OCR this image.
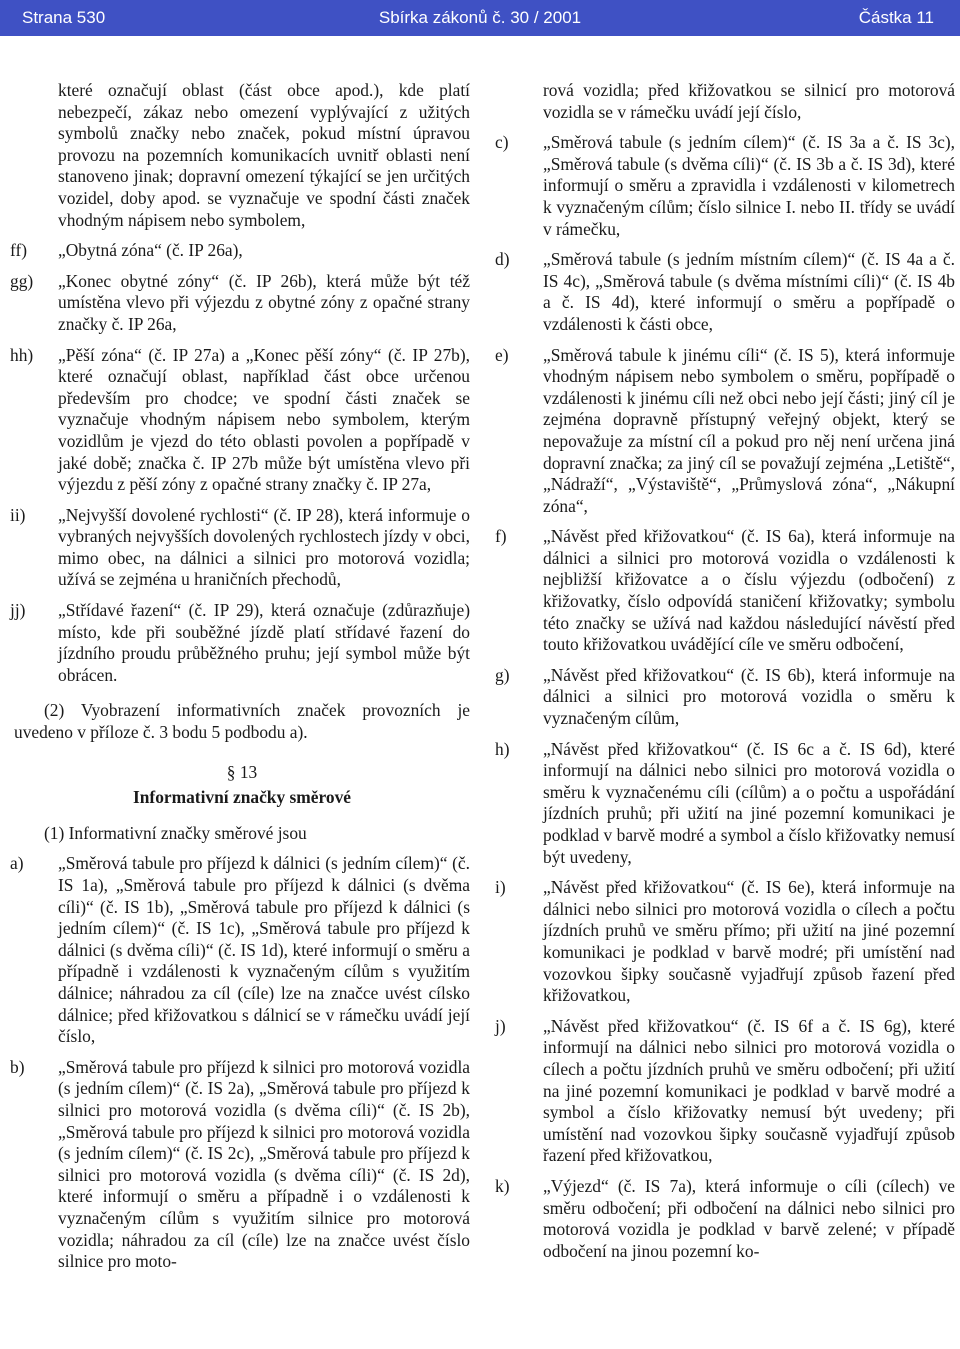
Strana 530	Sbírka zákonů č. 30 / 2001	Částka 11

které označují oblast (část obce apod.), kde platí nebezpečí, zákaz nebo omezení vyplývající z užitých symbolů značky nebo značek, pokud místní úpravou provozu na pozemních komunikacích uvnitř oblasti není stanoveno jinak; dopravní omezení týkající se jen určitých vozidel, doby apod. se vyznačuje ve spodní části značek vhodným nápisem nebo symbolem,

ff)	„Obytná zóna“ (č. IP 26a),
gg)	„Konec obytné zóny“ (č. IP 26b), která může být též umístěna vlevo při výjezdu z obytné zóny z opačné strany značky č. IP 26a,
hh)	„Pěší zóna“ (č. IP 27a) a „Konec pěší zóny“ (č. IP 27b), které označují oblast, například část obce určenou především pro chodce; ve spodní části značek se vyznačuje vhodným nápisem nebo symbolem, kterým vozidlům je vjezd do této oblasti povolen a popřípadě v jaké době; značka č. IP 27b může být umístěna vlevo při výjezdu z pěší zóny z opačné strany značky č. IP 27a,
ii)	„Nejvyšší dovolené rychlosti“ (č. IP 28), která informuje o vybraných nejvyšších dovolených rychlostech jízdy v obci, mimo obec, na dálnici a silnici pro motorová vozidla; užívá se zejména u hraničních přechodů,
jj)	„Střídavé řazení“ (č. IP 29), která označuje (zdůrazňuje) místo, kde při souběžné jízdě platí střídavé řazení do jízdního proudu průběžného pruhu; její symbol může být obrácen.

(2) Vyobrazení informativních značek provozních je uvedeno v příloze č. 3 bodu 5 podbodu a).

§ 13

Informativní značky směrové

(1) Informativní značky směrové jsou

a)	„Směrová tabule pro příjezd k dálnici (s jedním cílem)“ (č. IS 1a), „Směrová tabule pro příjezd k dálnici (s dvěma cíli)“ (č. IS 1b), „Směrová tabule pro příjezd k dálnici (s jedním cílem)“ (č. IS 1c), „Směrová tabule pro příjezd k dálnici (s dvěma cíli)“ (č. IS 1d), které informují o směru a případně i vzdálenosti k vyznačeným cílům s využitím dálnice; náhradou za cíl (cíle) lze na značce uvést cílsko dálnice; před křižovatkou s dálnicí se v rámečku uvádí její číslo,
b)	„Směrová tabule pro příjezd k silnici pro motorová vozidla (s jedním cílem)“ (č. IS 2a), „Směrová tabule pro příjezd k silnici pro motorová vozidla (s dvěma cíli)“ (č. IS 2b), „Směrová tabule pro příjezd k silnici pro motorová vozidla (s jedním cílem)“ (č. IS 2c), „Směrová tabule pro příjezd k silnici pro motorová vozidla (s dvěma cíli)“ (č. IS 2d), které informují o směru a případně i o vzdálenosti k vyznačeným cílům s využitím silnice pro motorová vozidla; náhradou za cíl (cíle) lze na značce uvést číslo silnice pro moto-

rová vozidla; před křižovatkou se silnicí pro motorová vozidla se v rámečku uvádí její číslo,

c)	„Směrová tabule (s jedním cílem)“ (č. IS 3a a č. IS 3c), „Směrová tabule (s dvěma cíli)“ (č. IS 3b a č. IS 3d), které informují o směru a zpravidla i vzdálenosti v kilometrech k vyznačeným cílům; číslo silnice I. nebo II. třídy se uvádí v rámečku,
d)	„Směrová tabule (s jedním místním cílem)“ (č. IS 4a a č. IS 4c), „Směrová tabule (s dvěma místními cíli)“ (č. IS 4b a č. IS 4d), které informují o směru a popřípadě o vzdálenosti k části obce,
e)	„Směrová tabule k jinému cíli“ (č. IS 5), která informuje vhodným nápisem nebo symbolem o směru, popřípadě o vzdálenosti k jinému cíli než obci nebo její části; jiný cíl je zejména dopravně přístupný veřejný objekt, který se nepovažuje za místní cíl a pokud pro něj není určena jiná dopravní značka; za jiný cíl se považují zejména „Letiště“, „Nádraží“, „Výstaviště“, „Průmyslová zóna“, „Nákupní zóna“,
f)	„Návěst před křižovatkou“ (č. IS 6a), která informuje na dálnici a silnici pro motorová vozidla o vzdálenosti k nejbližší křižovatce a o číslu výjezdu (odbočení) z křižovatky, číslo odpovídá staničení křižovatky; symbolu této značky se užívá nad každou následující návěstí před touto křižovatkou uvádějící cíle ve směru odbočení,
g)	„Návěst před křižovatkou“ (č. IS 6b), která informuje na dálnici a silnici pro motorová vozidla o směru k vyznačeným cílům,
h)	„Návěst před křižovatkou“ (č. IS 6c a č. IS 6d), které informují na dálnici nebo silnici pro motorová vozidla o směru k vyznačenému cíli (cílům) a o počtu a uspořádání jízdních pruhů; při užití na jiné pozemní komunikaci je podklad v barvě modré a symbol a číslo křižovatky nemusí být uvedeny,
i)	„Návěst před křižovatkou“ (č. IS 6e), která informuje na dálnici nebo silnici pro motorová vozidla o cílech a počtu jízdních pruhů ve směru přímo; při užití na jiné pozemní komunikaci je podklad v barvě modré; při umístění nad vozovkou šipky současně vyjadřují způsob řazení před křižovatkou,
j)	„Návěst před křižovatkou“ (č. IS 6f a č. IS 6g), které informují na dálnici nebo silnici pro motorová vozidla o cílech a počtu jízdních pruhů ve směru odbočení; při užití na jiné pozemní komunikaci je podklad v barvě modré a symbol a číslo křižovatky nemusí být uvedeny; při umístění nad vozovkou šipky současně vyjadřují způsob řazení před křižovatkou,
k)	„Výjezd“ (č. IS 7a), která informuje o cíli (cílech) ve směru odbočení; při odbočení na dálnici nebo silnici pro motorová vozidla je podklad v barvě zelené; v případě odbočení na jinou pozemní ko-
